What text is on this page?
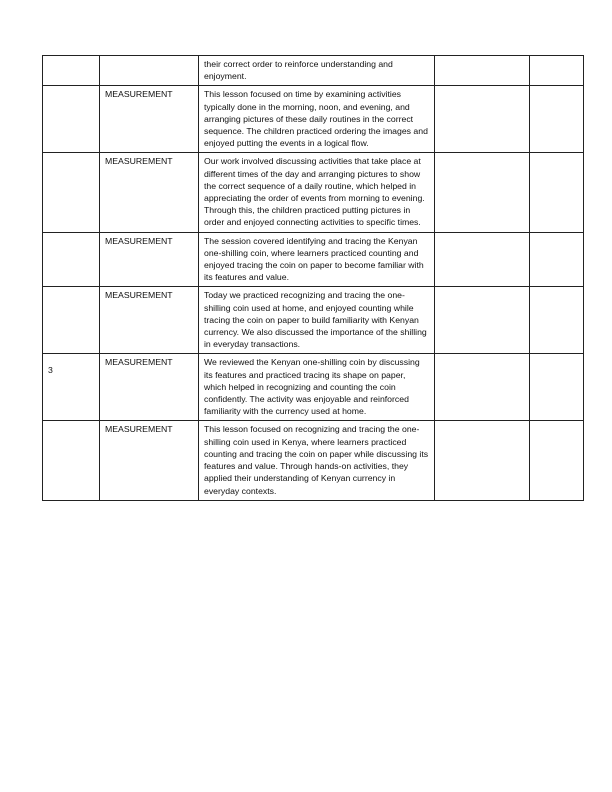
		their correct order to reinforce understanding and enjoyment.		
	MEASUREMENT	This lesson focused on time by examining activities typically done in the morning, noon, and evening, and arranging pictures of these daily routines in the correct sequence. The children practiced ordering the images and enjoyed putting the events in a logical flow.		
	MEASUREMENT	Our work involved discussing activities that take place at different times of the day and arranging pictures to show the correct sequence of a daily routine, which helped in appreciating the order of events from morning to evening. Through this, the children practiced putting pictures in order and enjoyed connecting activities to specific times.		
	MEASUREMENT	The session covered identifying and tracing the Kenyan one-shilling coin, where learners practiced counting and enjoyed tracing the coin on paper to become familiar with its features and value.		
	MEASUREMENT	Today we practiced recognizing and tracing the one-shilling coin used at home, and enjoyed counting while tracing the coin on paper to build familiarity with Kenyan currency. We also discussed the importance of the shilling in everyday transactions.		

3	MEASUREMENT	We reviewed the Kenyan one-shilling coin by discussing its features and practiced tracing its shape on paper, which helped in recognizing and counting the coin confidently. The activity was enjoyable and reinforced familiarity with the currency used at home.		
	MEASUREMENT	This lesson focused on recognizing and tracing the one-shilling coin used in Kenya, where learners practiced counting and tracing the coin on paper while discussing its features and value. Through hands-on activities, they applied their understanding of Kenyan currency in everyday contexts.		
